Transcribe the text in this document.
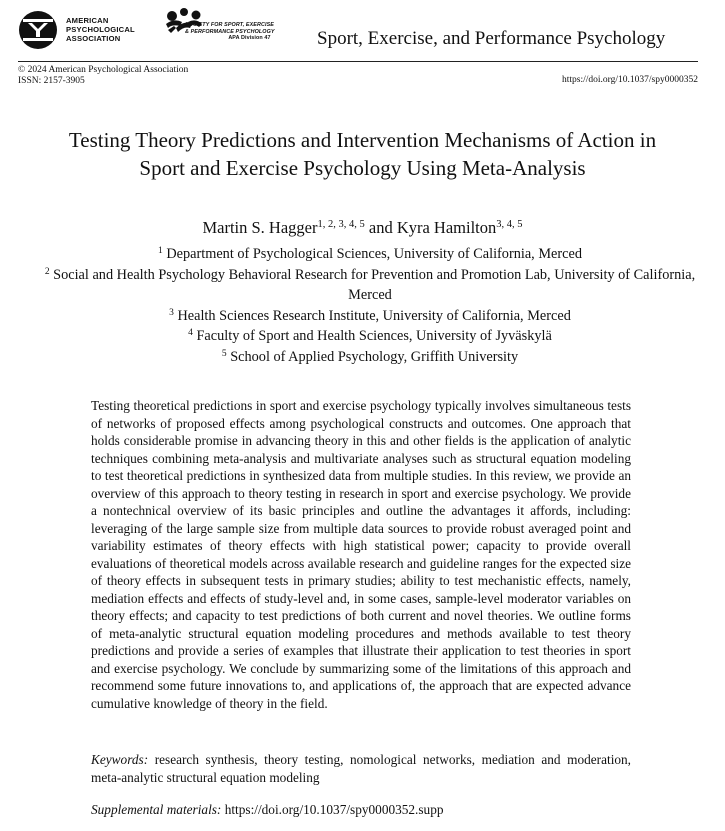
AMERICAN
PSYCHOLOGICAL
ASSOCIATION
SOCIETY FOR SPORT, EXERCISE
& PERFORMANCE PSYCHOLOGY
APA Division 47 Sport, Exercise, and Performance Psychology
© 2024 American Psychological Association
ISSN: 2157-3905	https://doi.org/10.1037/spy0000352
Testing Theory Predictions and Intervention Mechanisms of Action in
Sport and Exercise Psychology Using Meta-Analysis
Martin S. Hagger$^{1, 2, 3, 4, 5}$ and Kyra Hamilton$^{3, 4, 5}$
$^1$ Department of Psychological Sciences, University of California, Merced
$^2$ Social and Health Psychology Behavioral Research for Prevention and Promotion Lab, University of California, Merced
$^3$ Health Sciences Research Institute, University of California, Merced
$^4$ Faculty of Sport and Health Sciences, University of Jyväskylä
$^5$ School of Applied Psychology, Griffith University
Testing theoretical predictions in sport and exercise psychology typically involves simultaneous tests of networks of proposed effects among psychological constructs and outcomes. One approach that holds considerable promise in advancing theory in this and other fields is the application of analytic techniques combining meta-analysis and multivariate analyses such as structural equation modeling to test theoretical predictions in synthesized data from multiple studies. In this review, we provide an overview of this approach to theory testing in research in sport and exercise psychology. We provide a nontechnical overview of its basic principles and outline the advantages it affords, including: leveraging of the large sample size from multiple data sources to provide robust averaged point and variability estimates of theory effects with high statistical power; capacity to provide overall evaluations of theoretical models across available research and guideline ranges for the expected size of theory effects in subsequent tests in primary studies; ability to test mechanistic effects, namely, mediation effects and effects of study-level and, in some cases, sample-level moderator variables on theory effects; and capacity to test predictions of both current and novel theories. We outline forms of meta-analytic structural equation modeling procedures and methods available to test theory predictions and provide a series of examples that illustrate their application to test theories in sport and exercise psychology. We conclude by summarizing some of the limitations of this approach and recommend some future innovations to, and applications of, the approach that are expected advance cumulative knowledge of theory in the field.
Keywords: research synthesis, theory testing, nomological networks, mediation and moderation, meta-analytic structural equation modeling
Supplemental materials: https://doi.org/10.1037/spy0000352.supp
